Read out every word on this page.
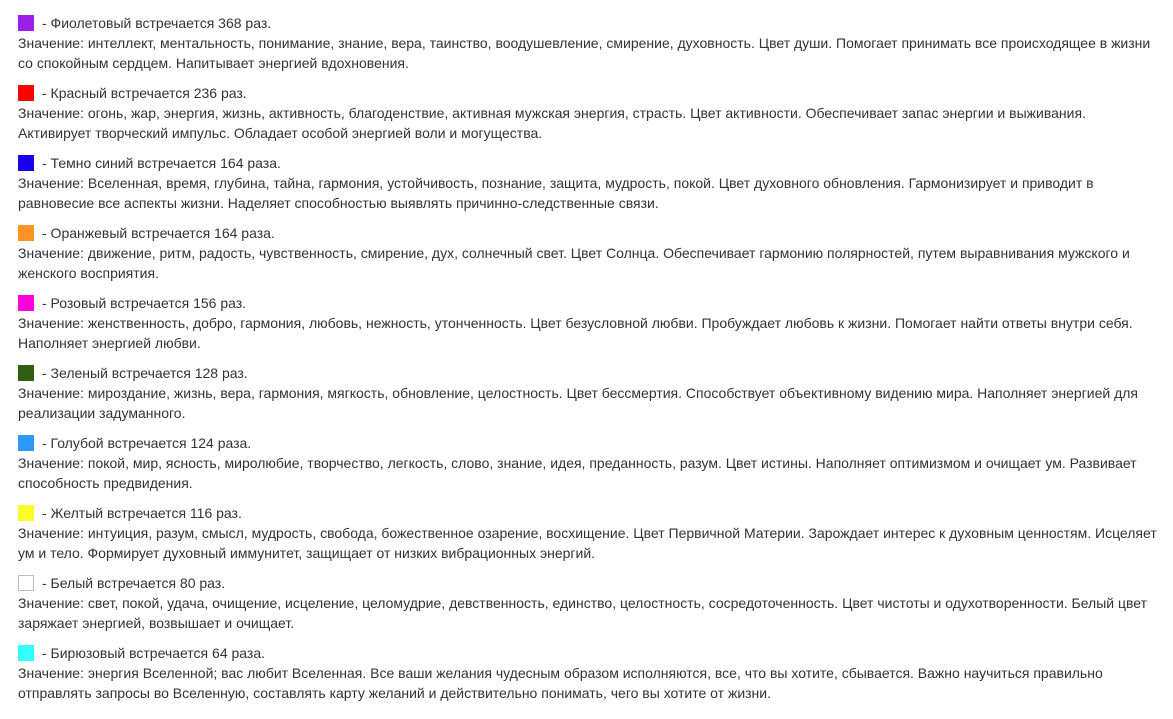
- Фиолетовый встречается 368 раз.

Значение: интеллект, ментальность, понимание, знание, вера, таинство, воодушевление, смирение, духовность. Цвет души. Помогает принимать все происходящее в жизни со спокойным сердцем. Напитывает энергией вдохновения.

- Красный встречается 236 раз.

Значение: огонь, жар, энергия, жизнь, активность, благоденствие, активная мужская энергия, страсть. Цвет активности. Обеспечивает запас энергии и выживания. Активирует творческий импульс. Обладает особой энергией воли и могущества.

- Темно синий встречается 164 раза.

Значение: Вселенная, время, глубина, тайна, гармония, устойчивость, познание, защита, мудрость, покой. Цвет духовного обновления. Гармонизирует и приводит в равновесие все аспекты жизни. Наделяет способностью выявлять причинно-следственные связи.

- Оранжевый встречается 164 раза.

Значение: движение, ритм, радость, чувственность, смирение, дух, солнечный свет. Цвет Солнца. Обеспечивает гармонию полярностей, путем выравнивания мужского и женского восприятия.

- Розовый встречается 156 раз.

Значение: женственность, добро, гармония, любовь, нежность, утонченность. Цвет безусловной любви. Пробуждает любовь к жизни. Помогает найти ответы внутри себя. Наполняет энергией любви.

- Зеленый встречается 128 раз.

Значение: мироздание, жизнь, вера, гармония, мягкость, обновление, целостность. Цвет бессмертия. Способствует объективному видению мира. Наполняет энергией для реализации задуманного.

- Голубой встречается 124 раза.

Значение: покой, мир, ясность, миролюбие, творчество, легкость, слово, знание, идея, преданность, разум. Цвет истины. Наполняет оптимизмом и очищает ум. Развивает способность предвидения.

- Желтый встречается 116 раз.

Значение: интуиция, разум, смысл, мудрость, свобода, божественное озарение, восхищение. Цвет Первичной Материи. Зарождает интерес к духовным ценностям. Исцеляет ум и тело. Формирует духовный иммунитет, защищает от низких вибрационных энергий.

- Белый встречается 80 раз.

Значение: свет, покой, удача, очищение, исцеление, целомудрие, девственность, единство, целостность, сосредоточенность. Цвет чистоты и одухотворенности. Белый цвет заряжает энергией, возвышает и очищает.

- Бирюзовый встречается 64 раза.

Значение: энергия Вселенной; вас любит Вселенная. Все ваши желания чудесным образом исполняются, все, что вы хотите, сбывается. Важно научиться правильно отправлять запросы во Вселенную, составлять карту желаний и действительно понимать, чего вы хотите от жизни.
